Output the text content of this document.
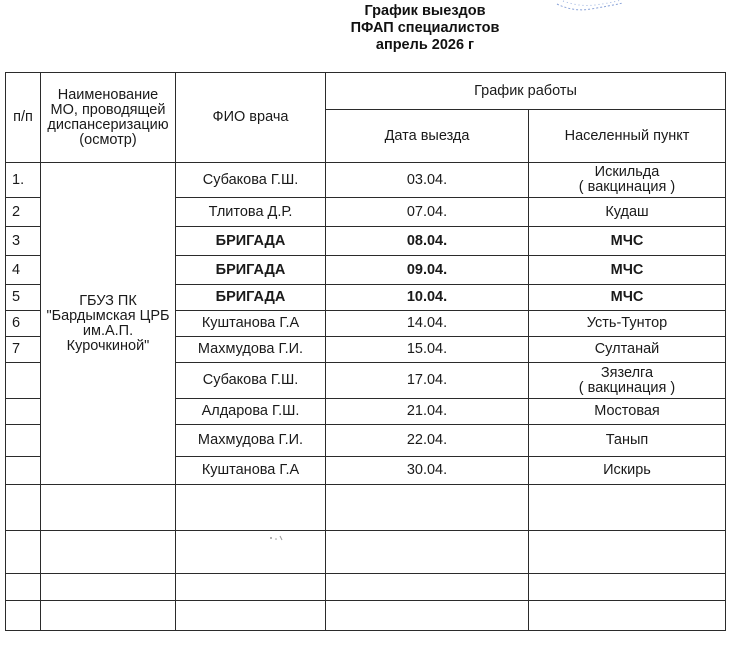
График выездов
ПФАП специалистов
апрель 2026 г
п/п	Наименование МО, проводящей диспансеризацию (осмотр)	ФИО врача	График работы	
			Дата выезда	Населенный пункт
1.	ГБУЗ ПК "Бардымская ЦРБ им.А.П. Курочкиной"	Субакова Г.Ш.	03.04.	Искильда
( вакцинация )

2		Тлитова Д.Р.	07.04.	Кудаш
3		БРИГАДА	08.04.	МЧС
4		БРИГАДА	09.04.	МЧС
5		БРИГАДА	10.04.	МЧС
6		Куштанова Г.А	14.04.	Усть-Тунтор
7		Махмудова Г.И.	15.04.	Султанай
		Субакова Г.Ш.	17.04.	Зязелга
( вакцинация )

		Алдарова Г.Ш.	21.04.	Мостовая
		Махмудова Г.И.	22.04.	Танып
		Куштанова Г.А	30.04.	Искирь
